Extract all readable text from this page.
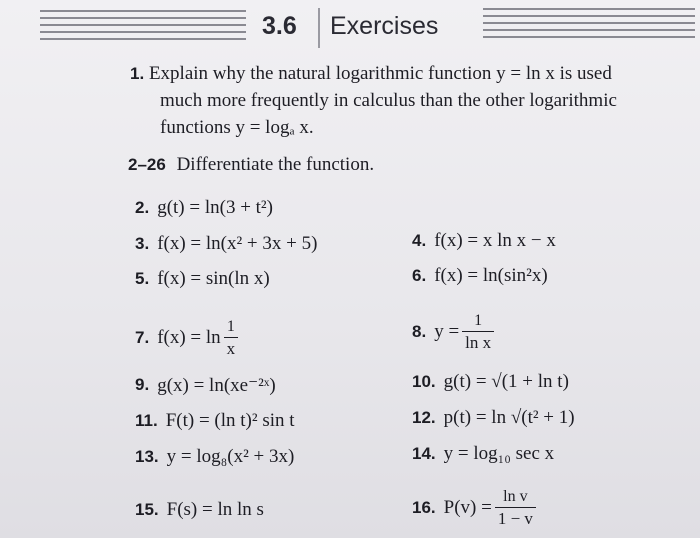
3.6 Exercises
1. Explain why the natural logarithmic function y = ln x is used
much more frequently in calculus than the other logarithmic
functions y = logₐ x.
2–26 Differentiate the function.
2. g(t) = ln(3 + t²)
3. f(x) = ln(x² + 3x + 5)	4. f(x) = x ln x − x
5. f(x) = sin(ln x)	6. f(x) = ln(sin²x)
7. $f(x) = \ln \frac{1}{x}$	8. $y = \frac{1}{\text{ln x}}$
9. g(x) = ln(xe⁻²ˣ)	10. g(t) = √(1 + ln t)
11. F(t) = (ln t)² sin t	12. p(t) = ln √(t² + 1)
13. y = log₈(x² + 3x)	14. y = log₁₀ sec x
15. F(s) = ln ln s	16. $P(v) = \frac{\text{ln v}}{1 - v}$
